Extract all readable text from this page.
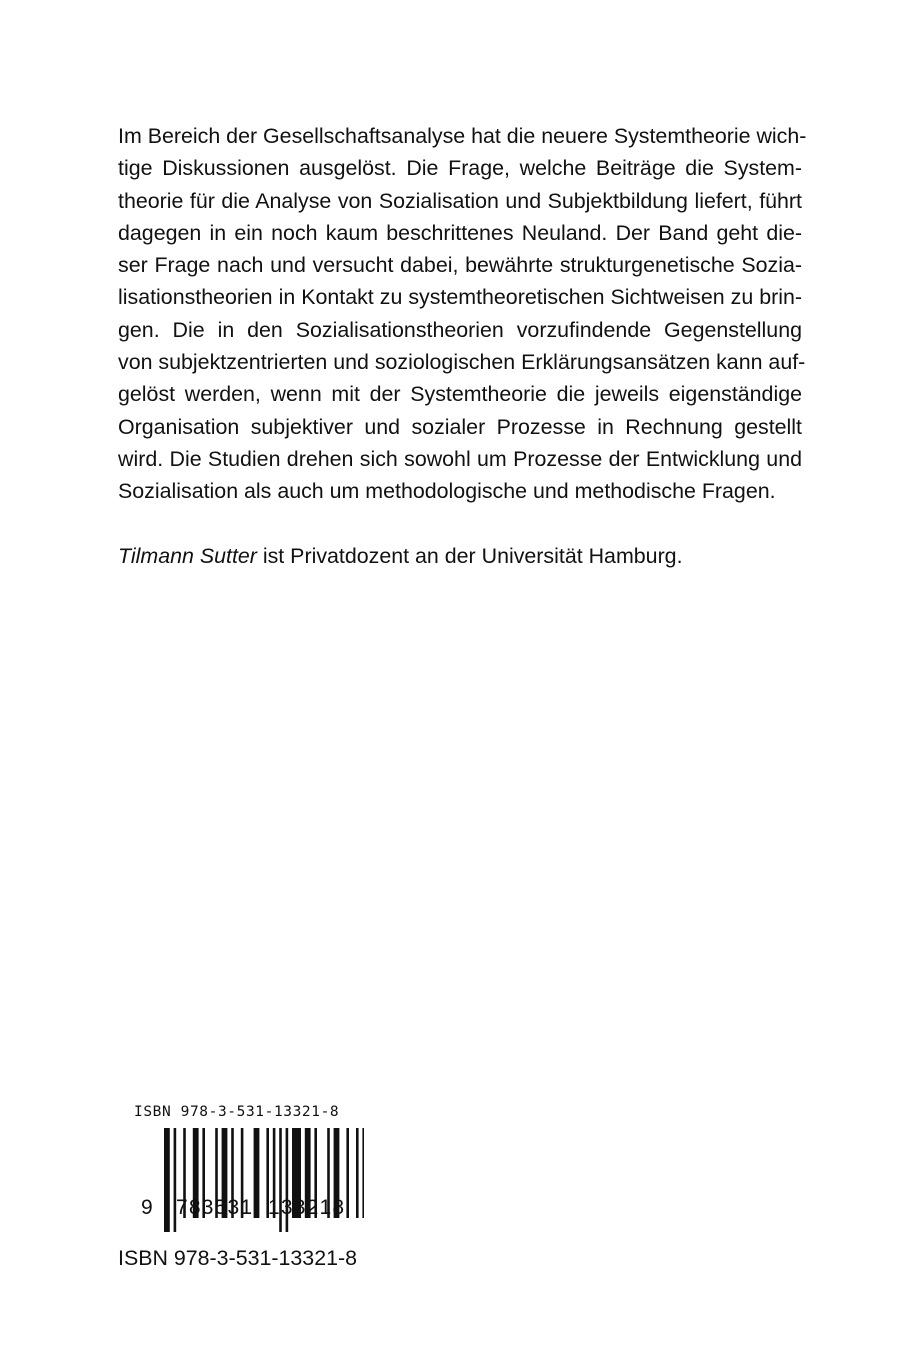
Im Bereich der Gesellschaftsanalyse hat die neuere Systemtheorie wich-
tige Diskussionen ausgelöst. Die Frage, welche Beiträge die System-
theorie für die Analyse von Sozialisation und Subjektbildung liefert, führt
dagegen in ein noch kaum beschrittenes Neuland. Der Band geht die-
ser Frage nach und versucht dabei, bewährte strukturgenetische Sozia-
lisationstheorien in Kontakt zu systemtheoretischen Sichtweisen zu brin-
gen. Die in den Sozialisationstheorien vorzufindende Gegenstellung
von subjektzentrierten und soziologischen Erklärungsansätzen kann auf-
gelöst werden, wenn mit der Systemtheorie die jeweils eigenständige
Organisation subjektiver und sozialer Prozesse in Rechnung gestellt
wird. Die Studien drehen sich sowohl um Prozesse der Entwicklung und
Sozialisation als auch um methodologische und methodische Fragen.

Tilmann Sutter ist Privatdozent an der Universität Hamburg.

ISBN 978-3-531-13321-8
9 783531 133218
ISBN 978-3-531-13321-8
